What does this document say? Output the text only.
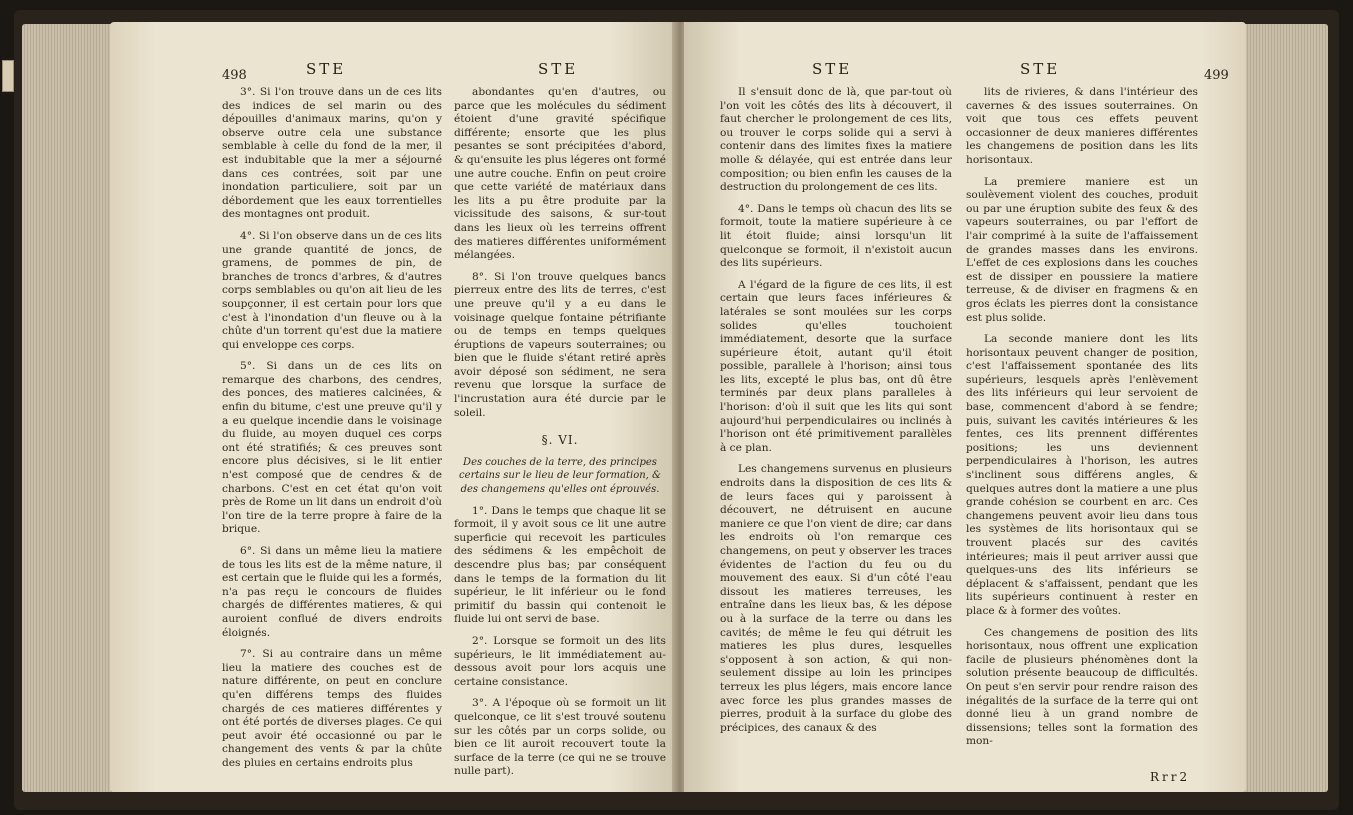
498	STE	STE

3°. Si l'on trouve dans un de ces lits des indices de sel marin ou des dépouilles d'animaux marins, qu'on y observe outre cela une substance semblable à celle du fond de la mer, il est indubitable que la mer a séjourné dans ces contrées, soit par une inondation particuliere, soit par un débordement que les eaux torrentielles des montagnes ont produit.

4°. Si l'on observe dans un de ces lits une grande quantité de joncs, de gramens, de pommes de pin, de branches de troncs d'arbres, & d'autres corps semblables ou qu'on ait lieu de les soupçonner, il est certain pour lors que c'est à l'inondation d'un fleuve ou à la chûte d'un torrent qu'est due la matiere qui enveloppe ces corps.

5°. Si dans un de ces lits on remarque des charbons, des cendres, des ponces, des matieres calcinées, & enfin du bitume, c'est une preuve qu'il y a eu quelque incendie dans le voisinage du fluide, au moyen duquel ces corps ont été stratifiés; & ces preuves sont encore plus décisives, si le lit entier n'est composé que de cendres & de charbons. C'est en cet état qu'on voit près de Rome un lit dans un endroit d'où l'on tire de la terre propre à faire de la brique.

6°. Si dans un même lieu la matiere de tous les lits est de la même nature, il est certain que le fluide qui les a formés, n'a pas reçu le concours de fluides chargés de différentes matieres, & qui auroient conflué de divers endroits éloignés.

7°. Si au contraire dans un même lieu la matiere des couches est de nature différente, on peut en conclure qu'en différens temps des fluides chargés de ces matieres différentes y ont été portés de diverses plages. Ce qui peut avoir été occasionné ou par le changement des vents & par la chûte des pluies en certains endroits plus

abondantes qu'en d'autres, ou parce que les molécules du sédiment étoient d'une gravité spécifique différente; ensorte que les plus pesantes se sont précipitées d'abord, & qu'ensuite les plus légeres ont formé une autre couche. Enfin on peut croire que cette variété de matériaux dans les lits a pu être produite par la vicissitude des saisons, & sur-tout dans les lieux où les terreins offrent des matieres différentes uniformément mélangées.

8°. Si l'on trouve quelques bancs pierreux entre des lits de terres, c'est une preuve qu'il y a eu dans le voisinage quelque fontaine pétrifiante ou de temps en temps quelques éruptions de vapeurs souterraines; ou bien que le fluide s'étant retiré après avoir déposé son sédiment, ne sera revenu que lorsque la surface de l'incrustation aura été durcie par le soleil.

§. VI.

Des couches de la terre, des principes certains sur le lieu de leur formation, & des changemens qu'elles ont éprouvés.

1°. Dans le temps que chaque lit se formoit, il y avoit sous ce lit une autre superficie qui recevoit les particules des sédimens & les empêchoit de descendre plus bas; par conséquent dans le temps de la formation du lit supérieur, le lit inférieur ou le fond primitif du bassin qui contenoit le fluide lui ont servi de base.

2°. Lorsque se formoit un des lits supérieurs, le lit immédiatement au-dessous avoit pour lors acquis une certaine consistance.

3°. A l'époque où se formoit un lit quelconque, ce lit s'est trouvé soutenu sur les côtés par un corps solide, ou bien ce lit auroit recouvert toute la surface de la terre (ce qui ne se trouve nulle part).

STE	STE	499

Il s'ensuit donc de là, que par-tout où l'on voit les côtés des lits à découvert, il faut chercher le prolongement de ces lits, ou trouver le corps solide qui a servi à contenir dans des limites fixes la matiere molle & délayée, qui est entrée dans leur composition; ou bien enfin les causes de la destruction du prolongement de ces lits.

4°. Dans le temps où chacun des lits se formoit, toute la matiere supérieure à ce lit étoit fluide; ainsi lorsqu'un lit quelconque se formoit, il n'existoit aucun des lits supérieurs.

A l'égard de la figure de ces lits, il est certain que leurs faces inférieures & latérales se sont moulées sur les corps solides qu'elles touchoient immédiatement, desorte que la surface supérieure étoit, autant qu'il étoit possible, parallele à l'horison; ainsi tous les lits, excepté le plus bas, ont dû être terminés par deux plans paralleles à l'horison: d'où il suit que les lits qui sont aujourd'hui perpendiculaires ou inclinés à l'horison ont été primitivement parallèles à ce plan.

Les changemens survenus en plusieurs endroits dans la disposition de ces lits & de leurs faces qui y paroissent à découvert, ne détruisent en aucune maniere ce que l'on vient de dire; car dans les endroits où l'on remarque ces changemens, on peut y observer les traces évidentes de l'action du feu ou du mouvement des eaux. Si d'un côté l'eau dissout les matieres terreuses, les entraîne dans les lieux bas, & les dépose ou à la surface de la terre ou dans les cavités; de même le feu qui détruit les matieres les plus dures, lesquelles s'opposent à son action, & qui non-seulement dissipe au loin les principes terreux les plus légers, mais encore lance avec force les plus grandes masses de pierres, produit à la surface du globe des précipices, des canaux & des

lits de rivieres, & dans l'intérieur des cavernes & des issues souterraines. On voit que tous ces effets peuvent occasionner de deux manieres différentes les changemens de position dans les lits horisontaux.

La premiere maniere est un soulèvement violent des couches, produit ou par une éruption subite des feux & des vapeurs souterraines, ou par l'effort de l'air comprimé à la suite de l'affaissement de grandes masses dans les environs. L'effet de ces explosions dans les couches est de dissiper en poussiere la matiere terreuse, & de diviser en fragmens & en gros éclats les pierres dont la consistance est plus solide.

La seconde maniere dont les lits horisontaux peuvent changer de position, c'est l'affaissement spontanée des lits supérieurs, lesquels après l'enlèvement des lits inférieurs qui leur servoient de base, commencent d'abord à se fendre; puis, suivant les cavités intérieures & les fentes, ces lits prennent différentes positions; les uns deviennent perpendiculaires à l'horison, les autres s'inclinent sous différens angles, & quelques autres dont la matiere a une plus grande cohésion se courbent en arc. Ces changemens peuvent avoir lieu dans tous les systèmes de lits horisontaux qui se trouvent placés sur des cavités intérieures; mais il peut arriver aussi que quelques-uns des lits inférieurs se déplacent & s'affaissent, pendant que les lits supérieurs continuent à rester en place & à former des voûtes.

Ces changemens de position des lits horisontaux, nous offrent une explication facile de plusieurs phénomènes dont la solution présente beaucoup de difficultés. On peut s'en servir pour rendre raison des inégalités de la surface de la terre qui ont donné lieu à un grand nombre de dissensions; telles sont la formation des mon-

Rrr2
